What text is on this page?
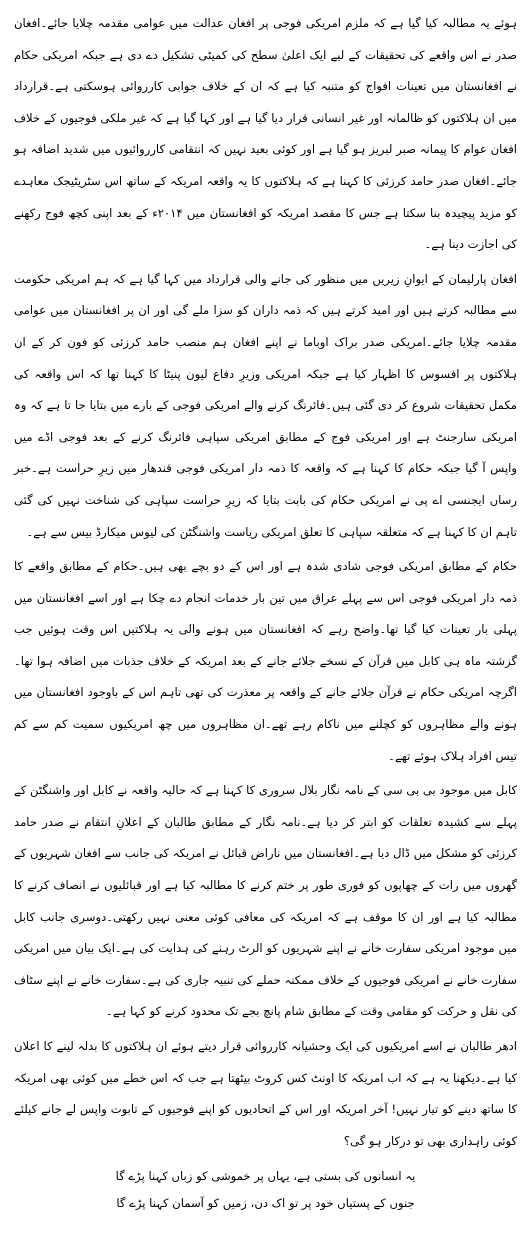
ہوئے یہ مطالبہ کیا گیا ہے کہ ملزم امریکی فوجی پر افغان عدالت میں عوامی مقدمہ چلایا جائے۔افغان صدر نے اس واقعے کی تحقیقات کے لیے ایک اعلیٰ سطح کی کمیٹی تشکیل دے دی ہے جبکہ امریکی حکام نے افغانستان میں تعینات افواج کو متنبہ کیا ہے کہ ان کے خلاف جوابی کارروائی ہوسکتی ہے۔قرارداد میں ان ہلاکتوں کو ظالمانہ اور غیر انسانی قرار دیا گیا ہے اور کہا گیا ہے کہ غیر ملکی فوجیوں کے خلاف افغان عوام کا پیمانہ صبر لبریز ہو گیا ہے اور کوئی بعید نہیں کہ انتقامی کارروائیوں میں شدید اضافہ ہو جائے۔افغان صدر حامد کرزئی کا کہنا ہے کہ ہلاکتوں کا یہ واقعہ امریکہ کے ساتھ اس سٹریٹیجک معاہدے کو مزید پیچیدہ بنا سکتا ہے جس کا مقصد امریکہ کو افغانستان میں ۲۰۱۴ء کے بعد اپنی کچھ فوج رکھنے کی اجازت دینا ہے۔

افغان پارلیمان کے ایوانِ زیریں میں منظور کی جانے والی قرارداد میں کہا گیا ہے کہ ہم امریکی حکومت سے مطالبہ کرتے ہیں اور امید کرتے ہیں کہ ذمہ داران کو سزا ملے گی اور ان پر افغانستان میں عوامی مقدمہ چلایا جائے۔امریکی صدر براک اوباما نے اپنے افغان ہم منصب حامد کرزئی کو فون کر کے ان ہلاکتوں پر افسوس کا اظہار کیا ہے جبکہ امریکی وزیرِ دفاع لیون پنیٹا کا کہنا تھا کہ اس واقعہ کی مکمل تحقیقات شروع کر دی گئی ہیں۔فائرنگ کرنے والے امریکی فوجی کے بارے میں بتایا جا تا ہے کہ وہ امریکی سارجنٹ ہے اور امریکی فوج کے مطابق امریکی سپاہی فائرنگ کرنے کے بعد فوجی اڈے میں واپس آ گیا جبکہ حکام کا کہنا ہے کہ واقعہ کا ذمہ دار امریکی فوجی قندھار میں زیرِ حراست ہے۔خبر رساں ایجنسی اے پی نے امریکی حکام کی بابت بتایا کہ زیرِ حراست سپاہی کی شناخت نہیں کی گئی تاہم ان کا کہنا ہے کہ متعلقہ سپاہی کا تعلق امریکی ریاست واشنگٹن کی لیوس میکارڈ بیس سے ہے۔

حکام کے مطابق امریکی فوجی شادی شدہ ہے اور اس کے دو بچے بھی ہیں۔حکام کے مطابق واقعے کا ذمہ دار امریکی فوجی اس سے پہلے عراق میں تین بار خدمات انجام دے چکا ہے اور اسے افغانستان میں پہلی بار تعینات کیا گیا تھا۔واضح رہے کہ افغانستان میں ہونے والی یہ ہلاکتیں اس وقت ہوئیں جب گزشتہ ماہ ہی کابل میں قرآن کے نسخے جلائے جانے کے بعد امریکہ کے خلاف جذبات میں اضافہ ہوا تھا۔اگرچہ امریکی حکام نے قرآن جلائے جانے کے واقعہ پر معذرت کی تھی تاہم اس کے باوجود افغانستان میں ہونے والے مظاہروں کو کچلنے میں ناکام رہے تھے۔ان مظاہروں میں چھ امریکیوں سمیت کم سے کم تیس افراد ہلاک ہوئے تھے۔

کابل میں موجود بی بی سی کے نامہ نگار بلال سروری کا کہنا ہے کہ حالیہ واقعہ نے کابل اور واشنگٹن کے پہلے سے کشیدہ تعلقات کو ابتر کر دیا ہے۔نامہ نگار کے مطابق طالبان کے اعلانِ انتقام نے صدر حامد کرزئی کو مشکل میں ڈال دیا ہے۔افغانستان میں ناراض قبائل نے امریکہ کی جانب سے افغان شہریوں کے گھروں میں رات کے چھاپوں کو فوری طور پر ختم کرنے کا مطالبہ کیا ہے اور قبائلیوں نے انصاف کرنے کا مطالبہ کیا ہے اور ان کا موقف ہے کہ امریکہ کی معافی کوئی معنی نہیں رکھتی۔دوسری جانب کابل میں موجود امریکی سفارت خانے نے اپنے شہریوں کو الرٹ رہنے کی ہدایت کی ہے۔ایک بیان میں امریکی سفارت خانے نے امریکی فوجیوں کے خلاف ممکنہ حملے کی تنبیہ جاری کی ہے۔سفارت خانے نے اپنے سٹاف کی نقل و حرکت کو مقامی وقت کے مطابق شام پانچ بجے تک محدود کرنے کو کہا ہے۔

ادھر طالبان نے اسے امریکیوں کی ایک وحشیانہ کارروائی قرار دیتے ہوئے ان ہلاکتوں کا بدلہ لینے کا اعلان کیا ہے۔دیکھنا یہ ہے کہ اب امریکہ کا اونٹ کس کروٹ بیٹھتا ہے جب کہ اس خطے میں کوئی بھی امریکہ کا ساتھ دینے کو تیار نہیں! آخر امریکہ اور اس کے اتحادیوں کو اپنے فوجیوں کے تابوت واپس لے جانے کیلئے کوئی راہداری بھی تو درکار ہو گی؟

یہ انسانوں کی بستی ہے، یہاں پر خموشی کو زباں کہنا پڑے گا
جنوں کے پستیاں خود پر تو اک دن، زمیں کو آسمان کہنا پڑے گا
